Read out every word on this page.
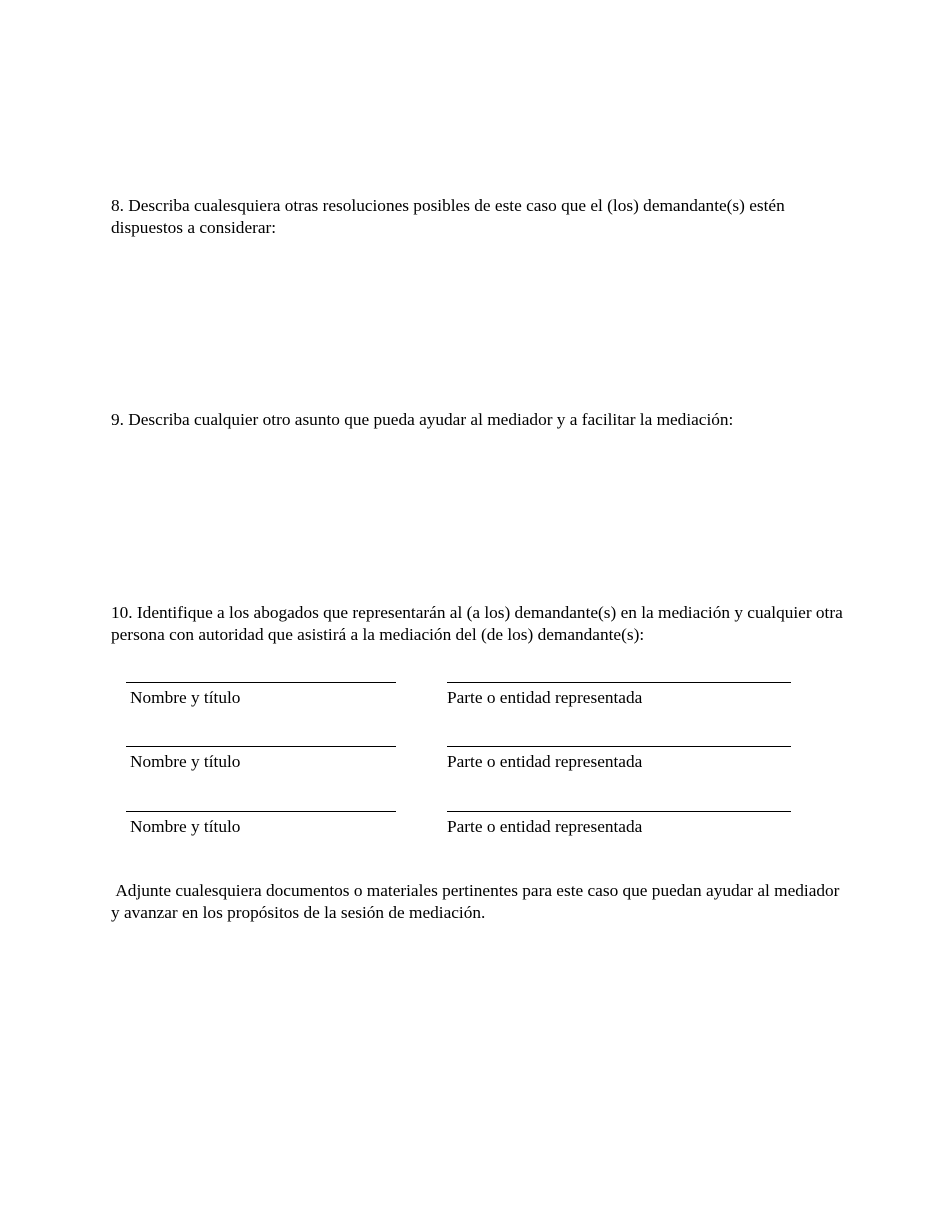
8. Describa cualesquiera otras resoluciones posibles de este caso que el (los) demandante(s) estén dispuestos a considerar:

9. Describa cualquier otro asunto que pueda ayudar al mediador y a facilitar la mediación:

10. Identifique a los abogados que representarán al (a los) demandante(s) en la mediación y cualquier otra persona con autoridad que asistirá a la mediación del (de los) demandante(s):

Nombre y título	Parte o entidad representada
Nombre y título	Parte o entidad representada
Nombre y título	Parte o entidad representada

Adjunte cualesquiera documentos o materiales pertinentes para este caso que puedan ayudar al mediador y avanzar en los propósitos de la sesión de mediación.
